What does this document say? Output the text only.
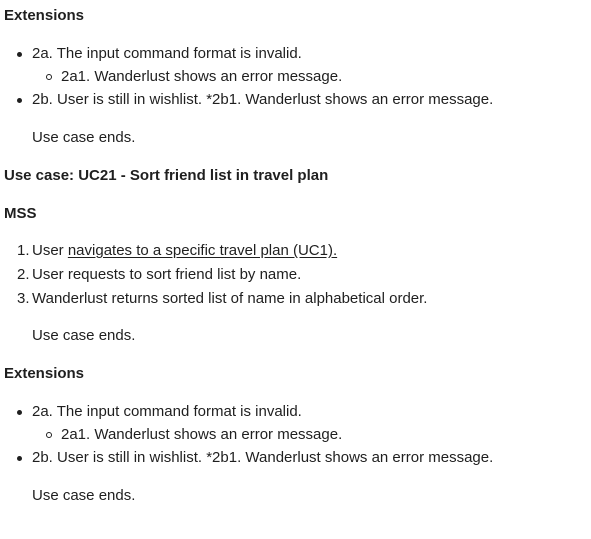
Extensions
2a. The input command format is invalid.
2a1. Wanderlust shows an error message.
2b. User is still in wishlist. *2b1. Wanderlust shows an error message.
Use case ends.
Use case: UC21 - Sort friend list in travel plan
MSS
1. User navigates to a specific travel plan (UC1).
2. User requests to sort friend list by name.
3. Wanderlust returns sorted list of name in alphabetical order.
Use case ends.
Extensions
2a. The input command format is invalid.
2a1. Wanderlust shows an error message.
2b. User is still in wishlist. *2b1. Wanderlust shows an error message.
Use case ends.
